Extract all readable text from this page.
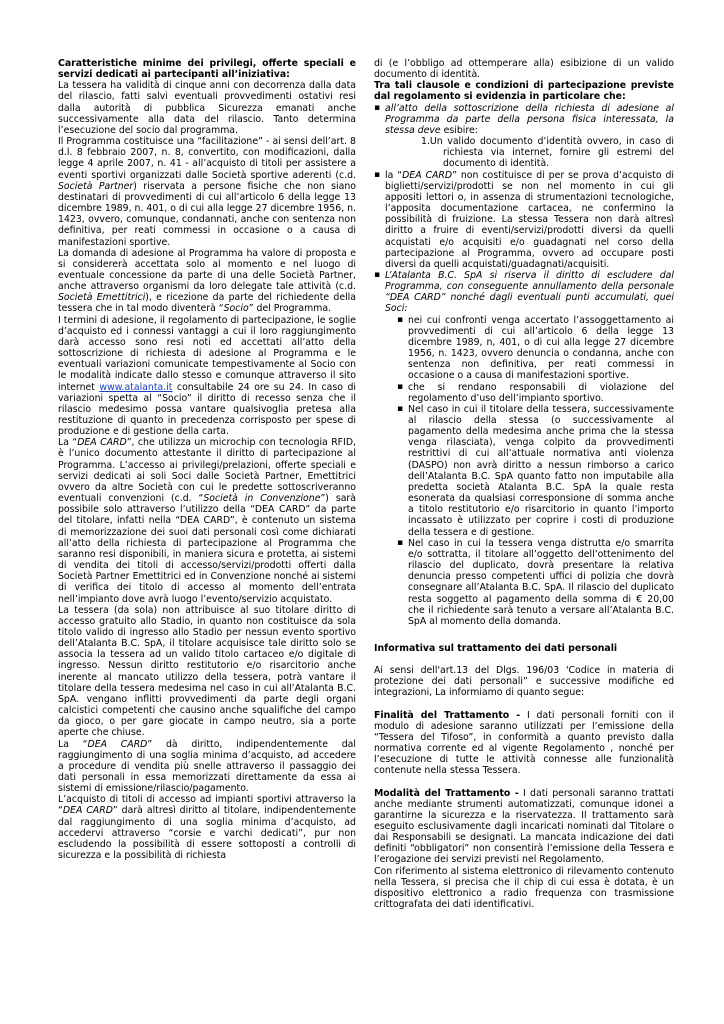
Caratteristiche minime dei privilegi, offerte speciali e servizi dedicati ai partecipanti all’iniziativa:

La tessera ha validità di cinque anni con decorrenza dalla data del rilascio, fatti salvi eventuali provvedimenti ostativi resi dalla autorità di pubblica Sicurezza emanati anche successivamente alla data del rilascio. Tanto determina l’esecuzione del socio dal programma.

Il Programma costituisce una “facilitazione” - ai sensi dell’art. 8 d.l. 8 febbraio 2007, n. 8, convertito, con modificazioni, dalla legge 4 aprile 2007, n. 41 - all’acquisto di titoli per assistere a eventi sportivi organizzati dalle Società sportive aderenti (c.d. Società Partner) riservata a persone fisiche che non siano destinatari di provvedimenti di cui all’articolo 6 della legge 13 dicembre 1989, n. 401, o di cui alla legge 27 dicembre 1956, n. 1423, ovvero, comunque, condannati, anche con sentenza non definitiva, per reati commessi in occasione o a causa di manifestazioni sportive.

La domanda di adesione al Programma ha valore di proposta e si considererà accettata solo al momento e nel luogo di eventuale concessione da parte di una delle Società Partner, anche attraverso organismi da loro delegate tale attività (c.d. Società Emettitrici), e ricezione da parte del richiedente della tessera che in tal modo diventerà “Socio” del Programma.

I termini di adesione, il regolamento di partecipazione, le soglie d’acquisto ed i connessi vantaggi a cui il loro raggiungimento darà accesso sono resi noti ed accettati all’atto della sottoscrizione di richiesta di adesione al Programma e le eventuali variazioni comunicate tempestivamente al Socio con le modalità indicate dallo stesso e comunque attraverso il sito internet www.atalanta.it consultabile 24 ore su 24. In caso di variazioni spetta al “Socio” il diritto di recesso senza che il rilascio medesimo possa vantare qualsivoglia pretesa alla restituzione di quanto in precedenza corrisposto per spese di produzione e di gestione della carta.

La “DEA CARD”, che utilizza un microchip con tecnologia RFID, è l’unico documento attestante il diritto di partecipazione al Programma. L’accesso ai privilegi/prelazioni, offerte speciali e servizi dedicati ai soli Soci dalle Società Partner, Emettitrici ovvero da altre Società con cui le predette sottoscriveranno eventuali convenzioni (c.d. “Società in Convenzione”) sarà possibile solo attraverso l’utilizzo della “DEA CARD” da parte del titolare, infatti nella “DEA CARD”, è contenuto un sistema di memorizzazione dei suoi dati personali così come dichiarati all’atto della richiesta di partecipazione al Programma che saranno resi disponibili, in maniera sicura e protetta, ai sistemi di vendita dei titoli di accesso/servizi/prodotti offerti dalla Società Partner Emettitrici ed in Convenzione nonché ai sistemi di verifica dei titolo di accesso al momento dell’entrata nell’impianto dove avrà luogo l’evento/servizio acquistato.

La tessera (da sola) non attribuisce al suo titolare diritto di accesso gratuito allo Stadio, in quanto non costituisce da sola titolo valido di ingresso allo Stadio per nessun evento sportivo dell’Atalanta B.C. SpA, il titolare acquisisce tale diritto solo se associa la tessera ad un valido titolo cartaceo e/o digitale di ingresso. Nessun diritto restitutorio e/o risarcitorio anche inerente al mancato utilizzo della tessera, potrà vantare il titolare della tessera medesima nel caso in cui all’Atalanta B.C. SpA. vengano inflitti provvedimenti da parte degli organi calcistici competenti che causino anche squalifiche del campo da gioco, o per gare giocate in campo neutro, sia a porte aperte che chiuse.

La “DEA CARD” dà diritto, indipendentemente dal raggiungimento di una soglia minima d’acquisto, ad accedere a procedure di vendita più snelle attraverso il passaggio dei dati personali in essa memorizzati direttamente da essa ai sistemi di emissione/rilascio/pagamento.

L’acquisto di titoli di accesso ad impianti sportivi attraverso la “DEA CARD” darà altresì diritto al titolare, indipendentemente dal raggiungimento di una soglia minima d’acquisto, ad accedervi attraverso “corsie e varchi dedicati”, pur non escludendo la possibilità di essere sottoposti a controlli di sicurezza e la possibilità di richiesta

di (e l’obbligo ad ottemperare alla) esibizione di un valido documento di identità.

Tra tali clausole e condizioni di partecipazione previste dal regolamento si evidenzia in particolare che:

▪ all’atto della sottoscrizione della richiesta di adesione al Programma da parte della persona fisica interessata, la stessa deve esibire:

1.Un valido documento d’identità ovvero, in caso di richiesta via internet, fornire gli estremi del documento di identità.

▪ la “DEA CARD” non costituisce di per se prova d’acquisto di biglietti/servizi/prodotti se non nel momento in cui gli appositi lettori o, in assenza di strumentazioni tecnologiche, l’apposita documentazione cartacea, ne confermino la possibilità di fruizione. La stessa Tessera non darà altresì diritto a fruire di eventi/servizi/prodotti diversi da quelli acquistati e/o acquisiti e/o guadagnati nel corso della partecipazione al Programma, ovvero ad occupare posti diversi da quelli acquistati/guadagnati/acquisiti.

▪ L’Atalanta B.C. SpA si riserva il diritto di escludere dal Programma, con conseguente annullamento della personale “DEA CARD” nonché dagli eventuali punti accumulati, quei Soci:

▪ nei cui confronti venga accertato l’assoggettamento ai provvedimenti di cui all’articolo 6 della legge 13 dicembre 1989, n, 401, o di cui alla legge 27 dicembre 1956, n. 1423, ovvero denuncia o condanna, anche con sentenza non definitiva, per reati commessi in occasione o a causa di manifestazioni sportive.

▪ che si rendano responsabili di violazione del regolamento d’uso dell’impianto sportivo.

▪ Nel caso in cui il titolare della tessera, successivamente al rilascio della stessa (o successivamente al pagamento della medesima anche prima che la stessa venga rilasciata), venga colpito da provvedimenti restrittivi di cui all’attuale normativa anti violenza (DASPO) non avrà diritto a nessun rimborso a carico dell’Atalanta B.C. SpA quanto fatto non imputabile alla predetta società Atalanta B.C. SpA la quale resta esonerata da qualsiasi corresponsione di somma anche a titolo restitutorio e/o risarcitorio in quanto l’importo incassato è utilizzato per coprire i costi di produzione della tessera e di gestione.

▪ Nel caso in cui la tessera venga distrutta e/o smarrita e/o sottratta, il titolare all’oggetto dell’ottenimento del rilascio del duplicato, dovrà presentare la relativa denuncia presso competenti uffici di polizia che dovrà consegnare all’Atalanta B.C. SpA. Il rilascio del duplicato resta soggetto al pagamento della somma di € 20,00 che il richiedente sarà tenuto a versare all’Atalanta B.C. SpA al momento della domanda.

Informativa sul trattamento dei dati personali

Ai sensi dell'art.13 del Dlgs. 196/03 'Codice in materia di protezione dei dati personali” e successive modifiche ed integrazioni, La informiamo di quanto segue:

Finalità del Trattamento - I dati personali forniti con il modulo di adesione saranno utilizzati per l’emissione della “Tessera del Tifoso”, in conformità a quanto previsto dalla normativa corrente ed al vigente Regolamento , nonché per l’esecuzione di tutte le attività connesse alle funzionalità contenute nella stessa Tessera.

Modalità del Trattamento - I dati personali saranno trattati anche mediante strumenti automatizzati, comunque idonei a garantirne la sicurezza e la riservatezza. Il trattamento sarà eseguito esclusivamente dagli incaricati nominati dal Titolare o dai Responsabili se designati. La mancata indicazione dei dati definiti “obbligatori” non consentirà l’emissione della Tessera e l’erogazione dei servizi previsti nel Regolamento.

Con riferimento al sistema elettronico di rilevamento contenuto nella Tessera, si precisa che il chip di cui essa è dotata, è un dispositivo elettronico a radio frequenza con trasmissione crittografata dei dati identificativi.
